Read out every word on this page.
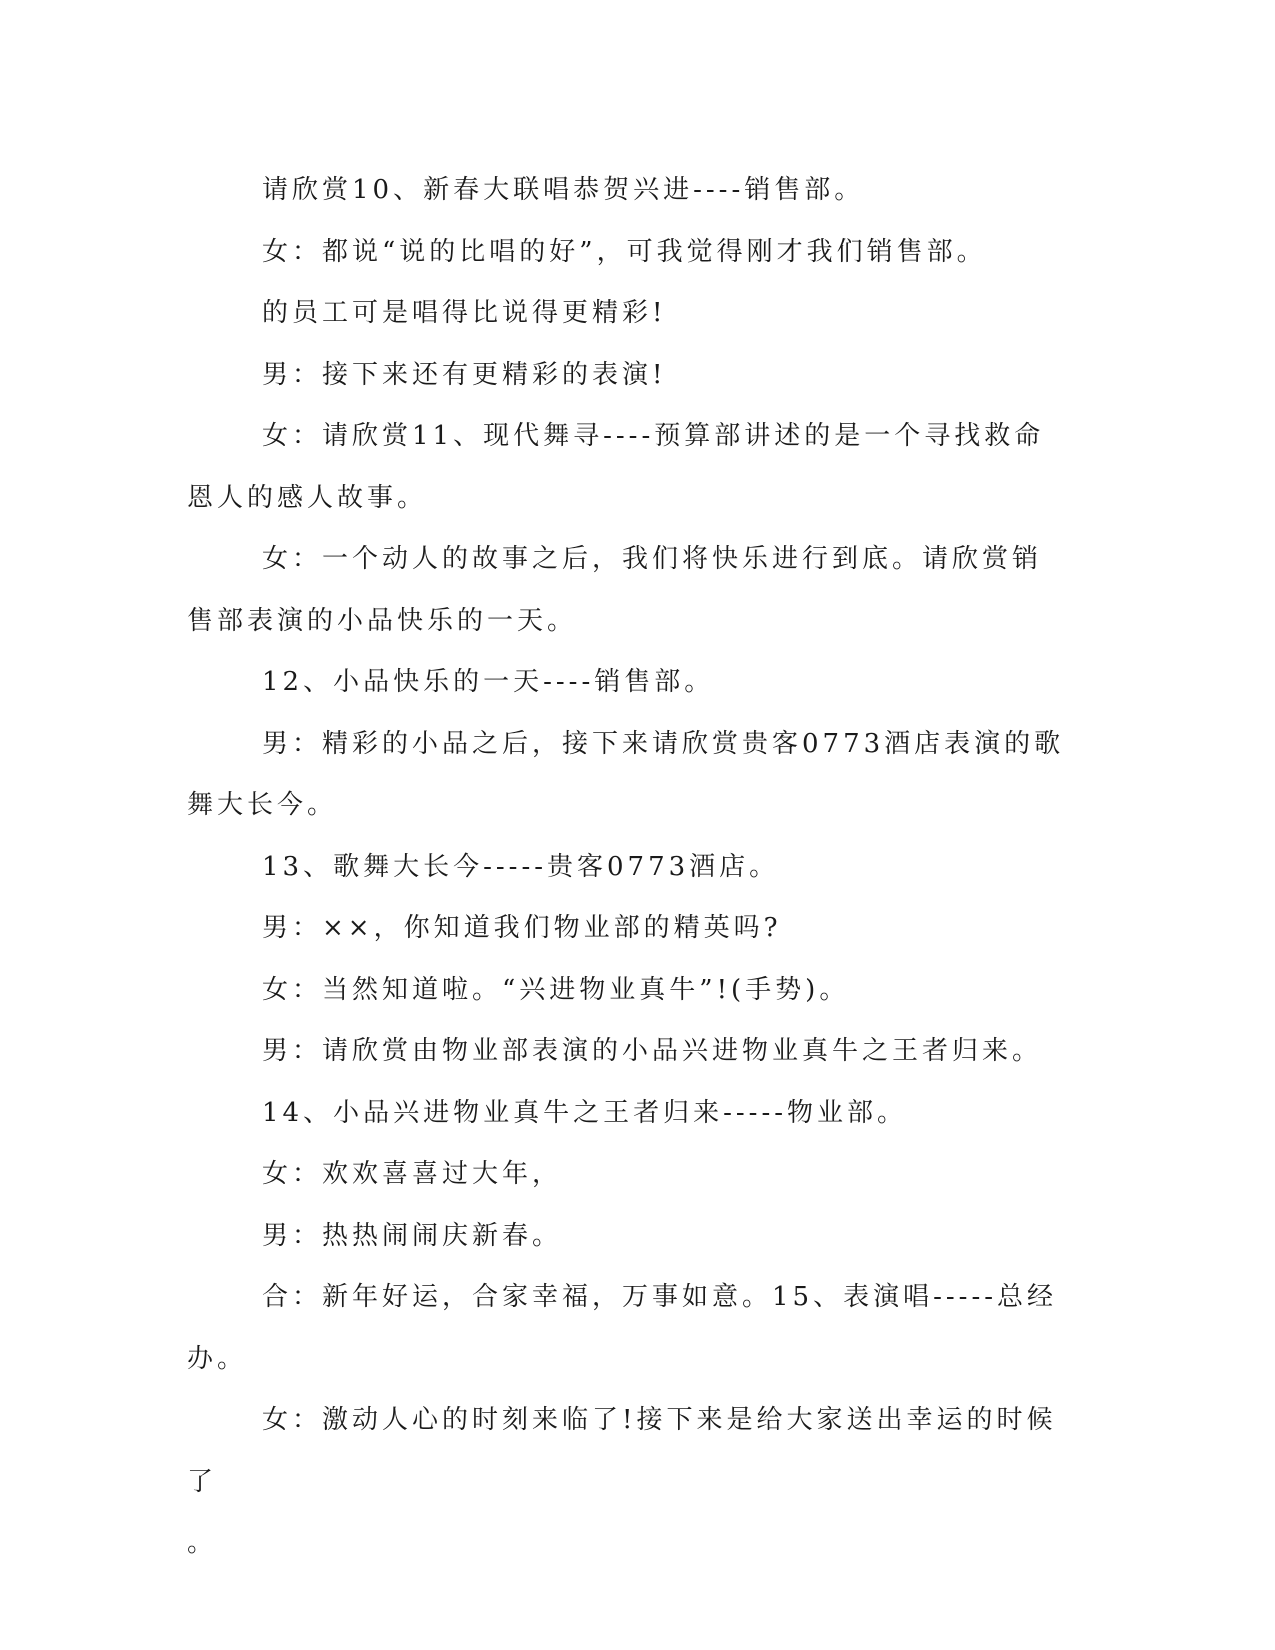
请欣赏10、新春大联唱恭贺兴进----销售部。

女：都说“说的比唱的好”，可我觉得刚才我们销售部。

的员工可是唱得比说得更精彩!

男：接下来还有更精彩的表演!

女：请欣赏11、现代舞寻----预算部讲述的是一个寻找救命恩人的感人故事。

女：一个动人的故事之后，我们将快乐进行到底。请欣赏销售部表演的小品快乐的一天。

12、小品快乐的一天----销售部。

男：精彩的小品之后，接下来请欣赏贵客0773酒店表演的歌舞大长今。

13、歌舞大长今-----贵客0773酒店。

男：××，你知道我们物业部的精英吗?

女：当然知道啦。“兴进物业真牛”!(手势)。

男：请欣赏由物业部表演的小品兴进物业真牛之王者归来。

14、小品兴进物业真牛之王者归来-----物业部。

女：欢欢喜喜过大年，

男：热热闹闹庆新春。

合：新年好运，合家幸福，万事如意。15、表演唱-----总经办。

女：激动人心的时刻来临了!接下来是给大家送出幸运的时候了

。
